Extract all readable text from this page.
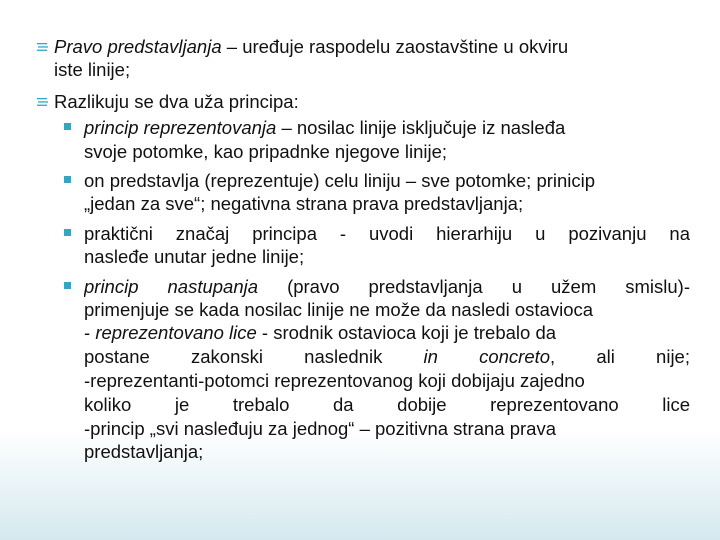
Pravo predstavljanja – uređuje raspodelu zaostavštine u okviru
iste linije;
Razlikuju se dva uža principa:
princip reprezentovanja – nosilac linije isključuje iz nasleđa
svoje potomke, kao pripadnke njegove linije;
on predstavlja (reprezentuje) celu liniju – sve potomke; prinicip
„jedan za sve“; negativna strana prava predstavljanja;
praktični značaj principa - uvodi hierarhiju u pozivanju na
nasleđe unutar jedne linije;
princip nastupanja (pravo predstavljanja u užem smislu)-
primenjuje se kada nosilac linije ne može da nasledi ostavioca
- reprezentovano lice - srodnik ostavioca koji je trebalo da
postane zakonski naslednik in concreto, ali nije;
-reprezentanti-potomci reprezentovanog koji dobijaju zajedno
koliko je trebalo da dobije reprezentovano lice
-princip „svi nasleđuju za jednog“ – pozitivna strana prava
predstavljanja;
